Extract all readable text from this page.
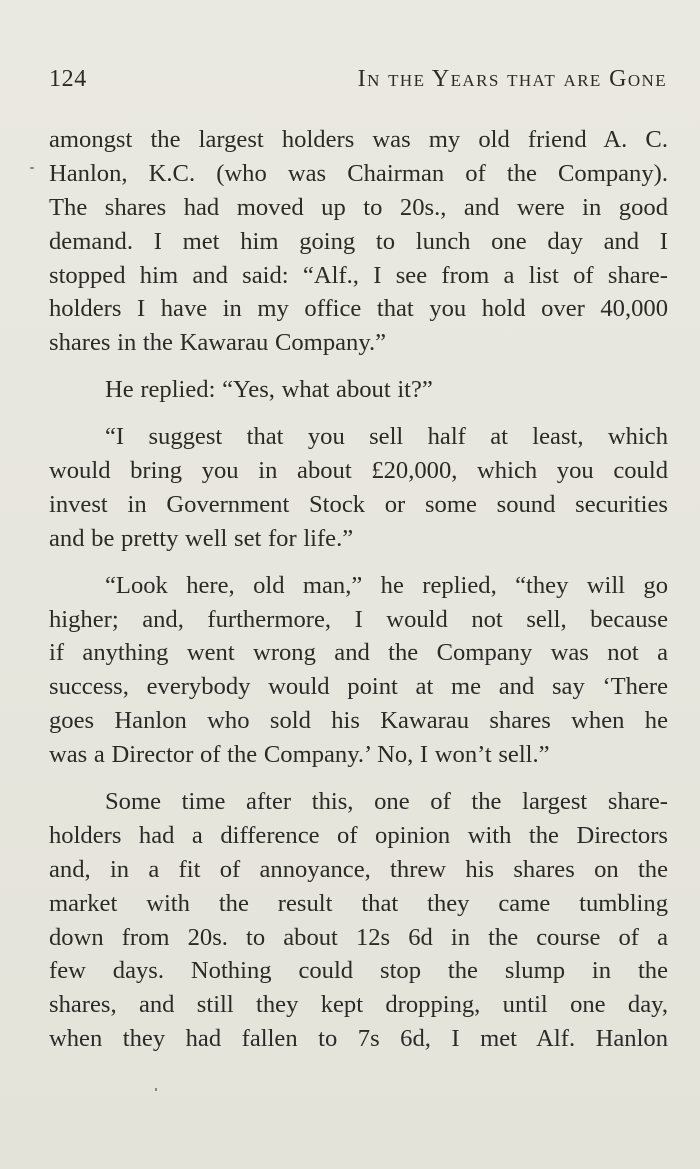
124	In the Years that are Gone
amongst the largest holders was my old friend A. C.
Hanlon, K.C. (who was Chairman of the Company).
The shares had moved up to 20s., and were in good
demand. I met him going to lunch one day and I
stopped him and said: “Alf., I see from a list of share-
holders I have in my office that you hold over 40,000
shares in the Kawarau Company.”
He replied: “Yes, what about it?”
“I suggest that you sell half at least, which
would bring you in about £20,000, which you could
invest in Government Stock or some sound securities
and be pretty well set for life.”
“Look here, old man,” he replied, “they will go
higher; and, furthermore, I would not sell, because
if anything went wrong and the Company was not a
success, everybody would point at me and say ‘There
goes Hanlon who sold his Kawarau shares when he
was a Director of the Company.’ No, I won’t sell.”
Some time after this, one of the largest share-
holders had a difference of opinion with the Directors
and, in a fit of annoyance, threw his shares on the
market with the result that they came tumbling
down from 20s. to about 12s 6d in the course of a
few days. Nothing could stop the slump in the
shares, and still they kept dropping, until one day,
when they had fallen to 7s 6d, I met Alf. Hanlon
